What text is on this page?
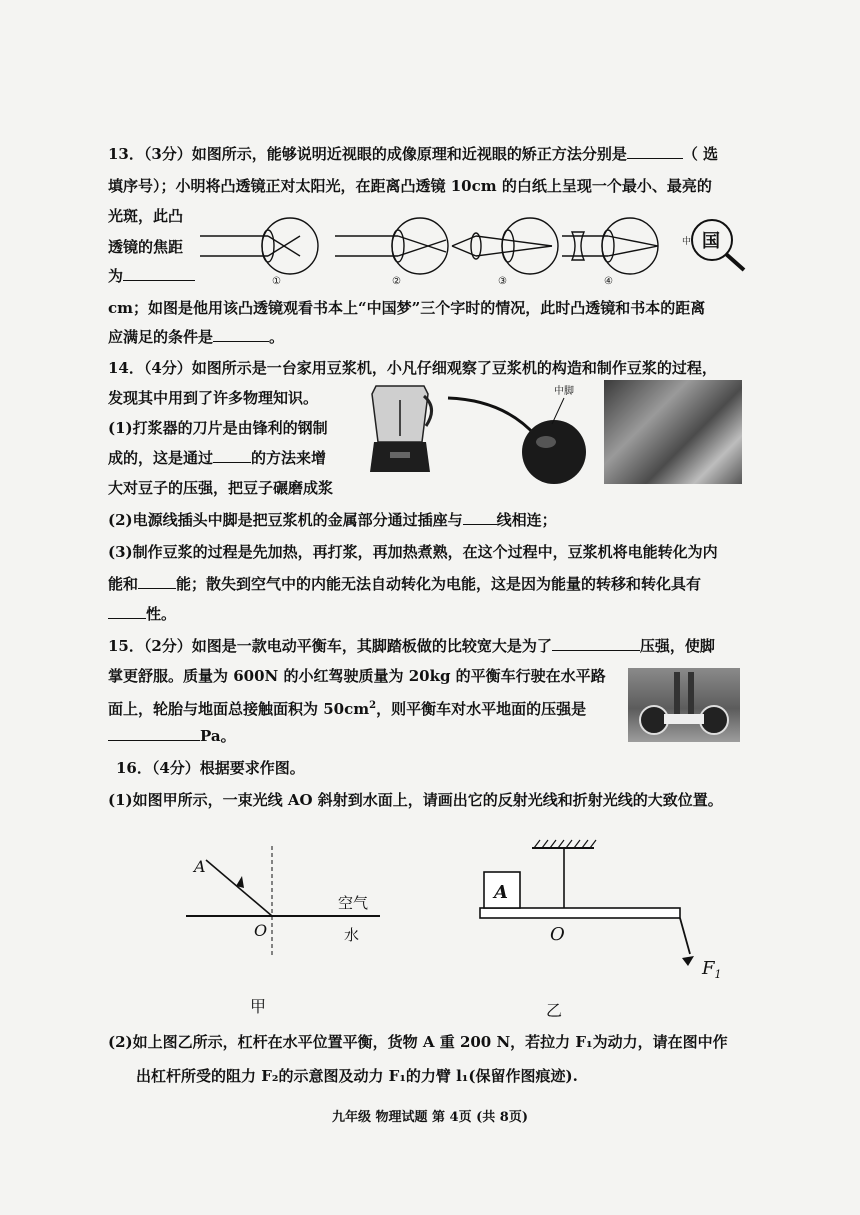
13．（3分）如图所示，能够说明近视眼的成像原理和近视眼的矫正方法分别是	（ 选
填序号）；小明将凸透镜正对太阳光，在距离凸透镜 10cm 的白纸上呈现一个最小、最亮的
光斑，此凸
透镜的焦距
为
cm；如图是他用该凸透镜观看书本上“中国梦”三个字时的情况，此时凸透镜和书本的距离
应满足的条件是	。
①	②	③	④
中 国
14．（4分）如图所示是一台家用豆浆机，小凡仔细观察了豆浆机的构造和制作豆浆的过程，
发现其中用到了许多物理知识。
(1)打浆器的刀片是由锋利的钢制
成的，这是通过	的方法来增
大对豆子的压强，把豆子碾磨成浆
(2)电源线插头中脚是把豆浆机的金属部分通过插座与 线相连；
(3)制作豆浆的过程是先加热，再打浆，再加热煮熟，在这个过程中，豆浆机将电能转化为内
能和	能；散失到空气中的内能无法自动转化为电能，这是因为能量的转移和转化具有
性。
中脚
15．（2分）如图是一款电动平衡车，其脚踏板做的比较宽大是为了	压强，使脚
掌更舒服。质量为 600N 的小红驾驶质量为 20kg 的平衡车行驶在水平路
面上，轮胎与地面总接触面积为 $50cm^2$，则平衡车对水平地面的压强是
Pa。
16．（4分）根据要求作图。
(1)如图甲所示，一束光线 AO 斜射到水面上，请画出它的反射光线和折射光线的大致位置。
A
O
空气
水
甲
A
O
$F_1$
乙
(2)如上图乙所示，杠杆在水平位置平衡，货物 A 重 200 N，若拉力 F₁为动力，请在图中作
出杠杆所受的阻力 F₂的示意图及动力 F₁的力臂 l₁(保留作图痕迹).
九年级 物理试题 第 4页 (共 8页)
